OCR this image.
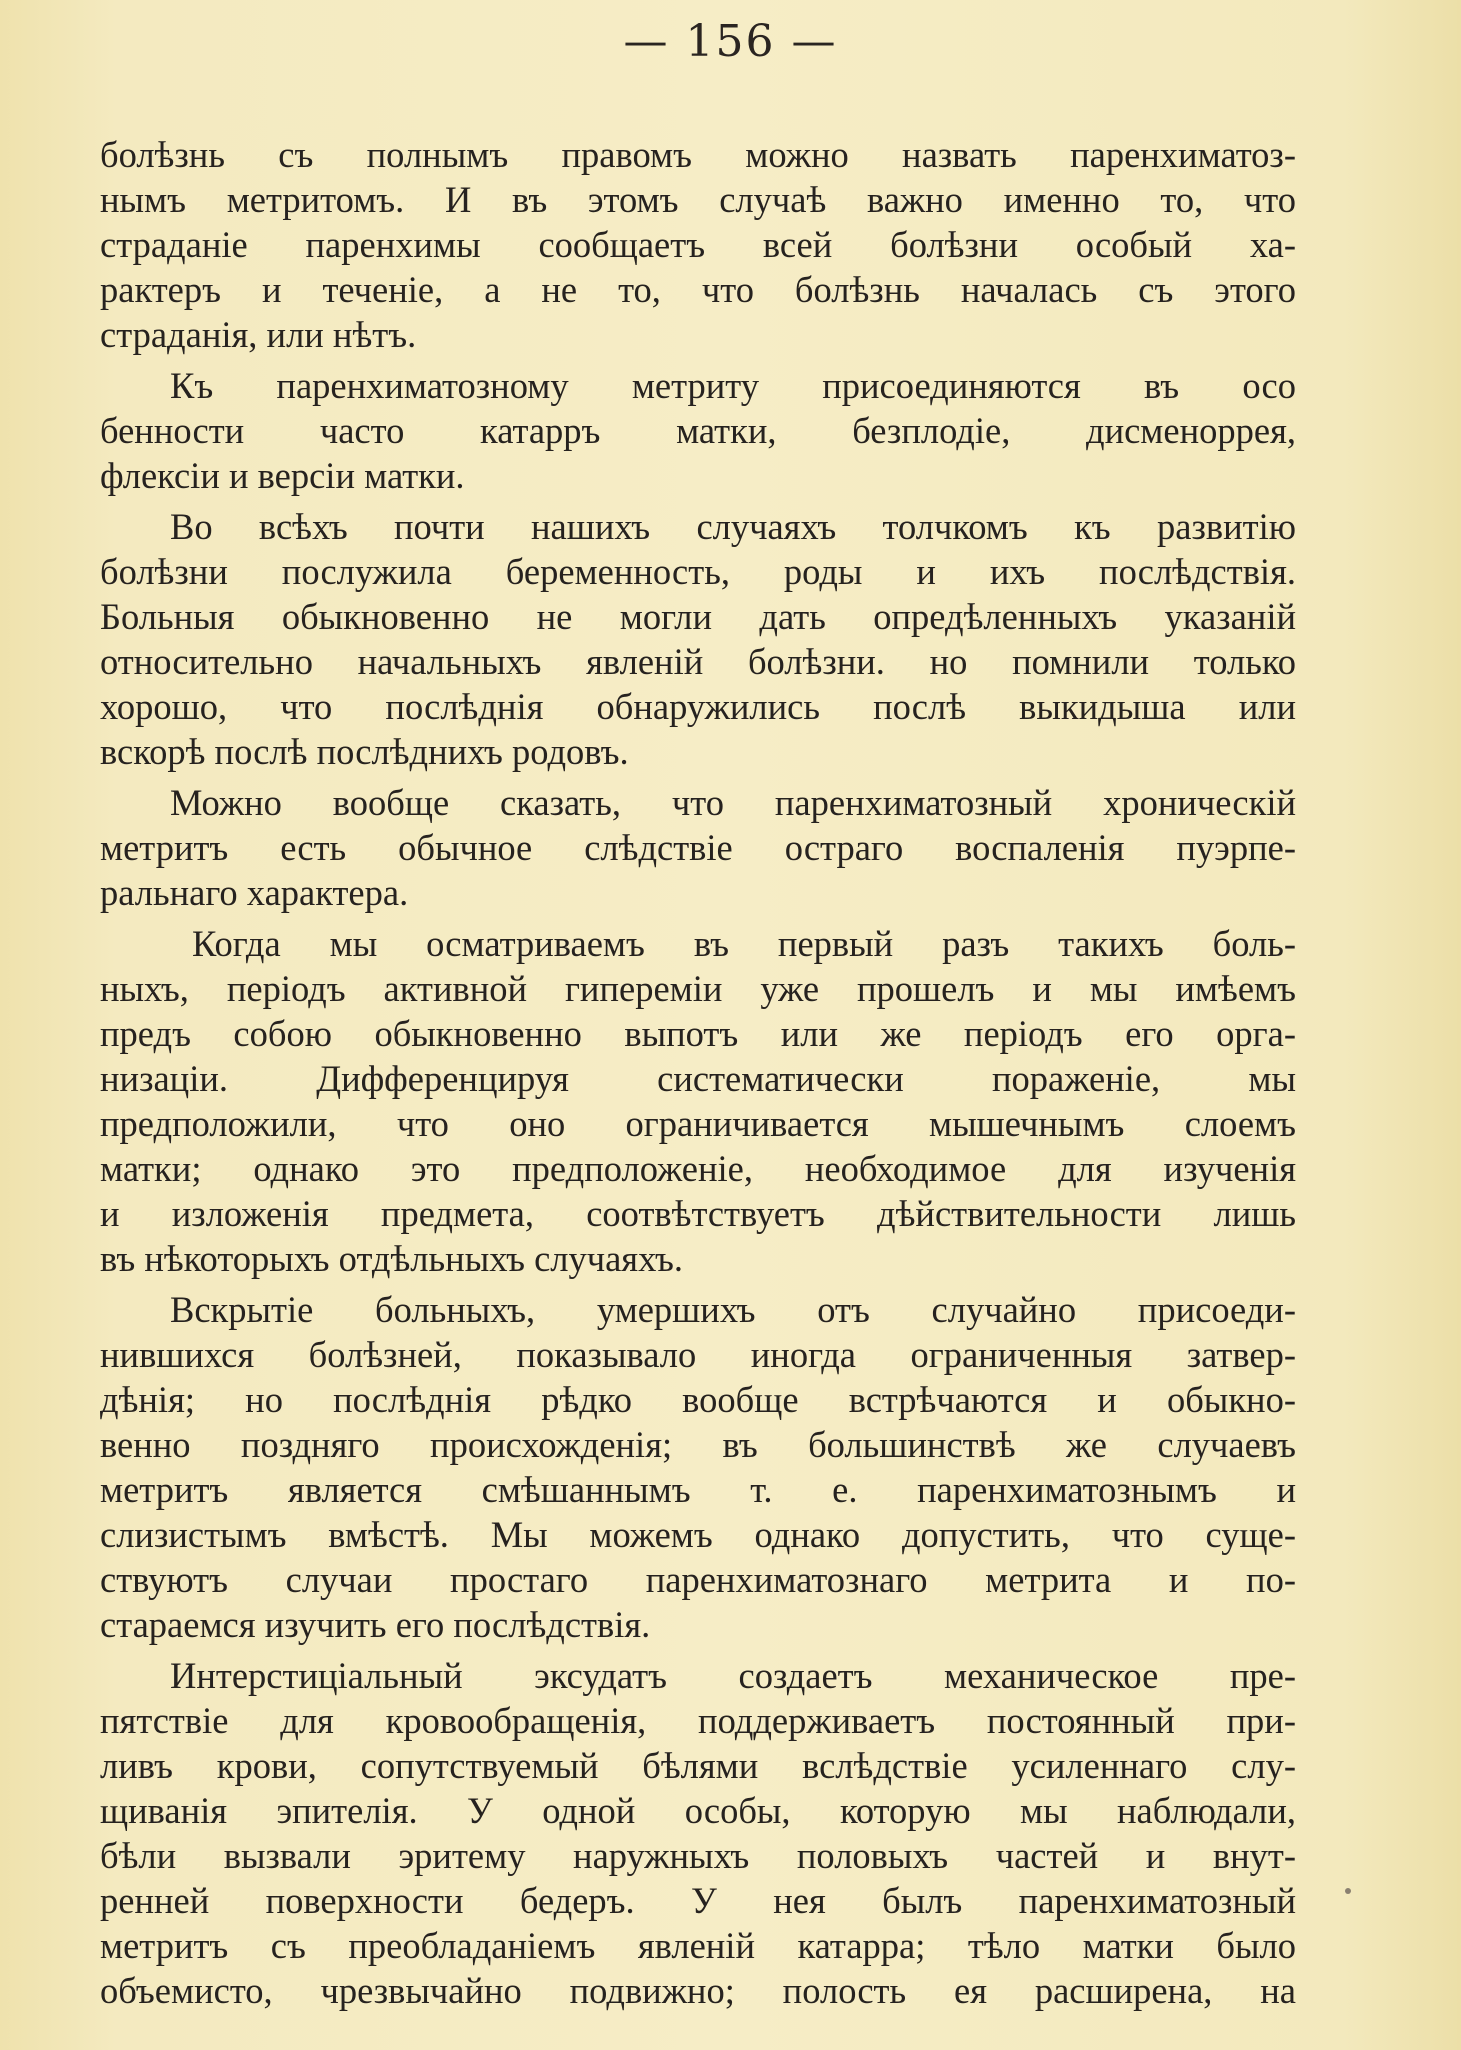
— 156 —
болѣзнь съ полнымъ правомъ можно назвать паренхиматоз-
нымъ метритомъ. И въ этомъ случаѣ важно именно то, что
страданіе паренхимы сообщаетъ всей болѣзни особый ха-
рактеръ и теченіе, а не то, что болѣзнь началась съ этого
страданія, или нѣтъ.
Къ паренхиматозному метриту присоединяются въ осо
бенности часто катарръ матки, безплодіе, дисменоррея,
флексіи и версіи матки.
Во всѣхъ почти нашихъ случаяхъ толчкомъ къ развитію
болѣзни послужила беременность, роды и ихъ послѣдствія.
Больныя обыкновенно не могли дать опредѣленныхъ указаній
относительно начальныхъ явленій болѣзни. но помнили только
хорошо, что послѣднія обнаружились послѣ выкидыша или
вскорѣ послѣ послѣднихъ родовъ.
Можно вообще сказать, что паренхиматозный хроническій
метритъ есть обычное слѣдствіе остраго воспаленія пуэрпе-
ральнаго характера.
Когда мы осматриваемъ въ первый разъ такихъ боль-
ныхъ, періодъ активной гипереміи уже прошелъ и мы имѣемъ
предъ собою обыкновенно выпотъ или же періодъ его орга-
низаціи. Дифференцируя систематически пораженіе, мы
предположили, что оно ограничивается мышечнымъ слоемъ
матки; однако это предположеніе, необходимое для изученія
и изложенія предмета, соотвѣтствуетъ дѣйствительности лишь
въ нѣкоторыхъ отдѣльныхъ случаяхъ.
Вскрытіе больныхъ, умершихъ отъ случайно присоеди-
нившихся болѣзней, показывало иногда ограниченныя затвер-
дѣнія; но послѣднія рѣдко вообще встрѣчаются и обыкно-
венно поздняго происхожденія; въ большинствѣ же случаевъ
метритъ является смѣшаннымъ т. е. паренхиматознымъ и
слизистымъ вмѣстѣ. Мы можемъ однако допустить, что суще-
ствуютъ случаи простаго паренхиматознаго метрита и по-
стараемся изучить его послѣдствія.
Интерстиціальный эксудатъ создаетъ механическое пре-
пятствіе для кровообращенія, поддерживаетъ постоянный при-
ливъ крови, сопутствуемый бѣлями вслѣдствіе усиленнаго слу-
щиванія эпителія. У одной особы, которую мы наблюдали,
бѣли вызвали эритему наружныхъ половыхъ частей и внут-
ренней поверхности бедеръ. У нея былъ паренхиматозный
метритъ съ преобладаніемъ явленій катарра; тѣло матки было
объемисто, чрезвычайно подвижно; полость ея расширена, на
